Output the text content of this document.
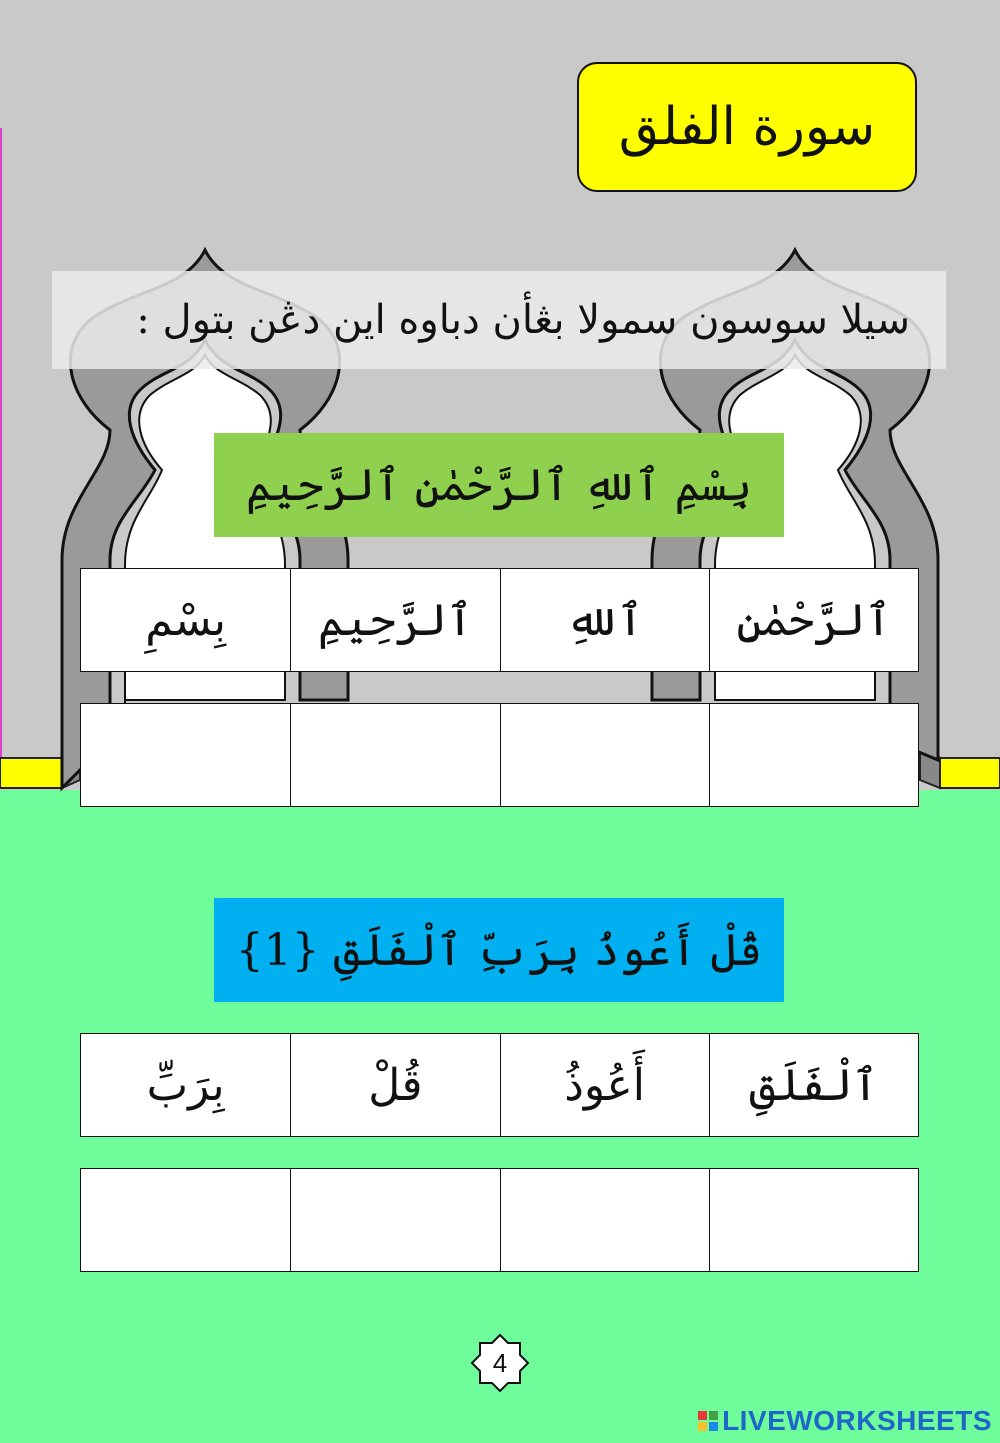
سورة الفلق
سيلا سوسون سمولا بڠأن دباوه اين دڠن بتول :
بِسْمِ ٱللهِ ٱلرَّحْمٰنِ ٱلرَّحِيمِ
بِسْمِ	ٱلرَّحِيمِ	ٱللهِ	ٱلرَّحْمٰنِ
قُلْ أَعُوذُ بِرَبِّ ٱلْفَلَقِ {1}
بِرَبِّ	قُلْ	أَعُوذُ	ٱلْفَلَقِ
4
LIVEWORKSHEETS
